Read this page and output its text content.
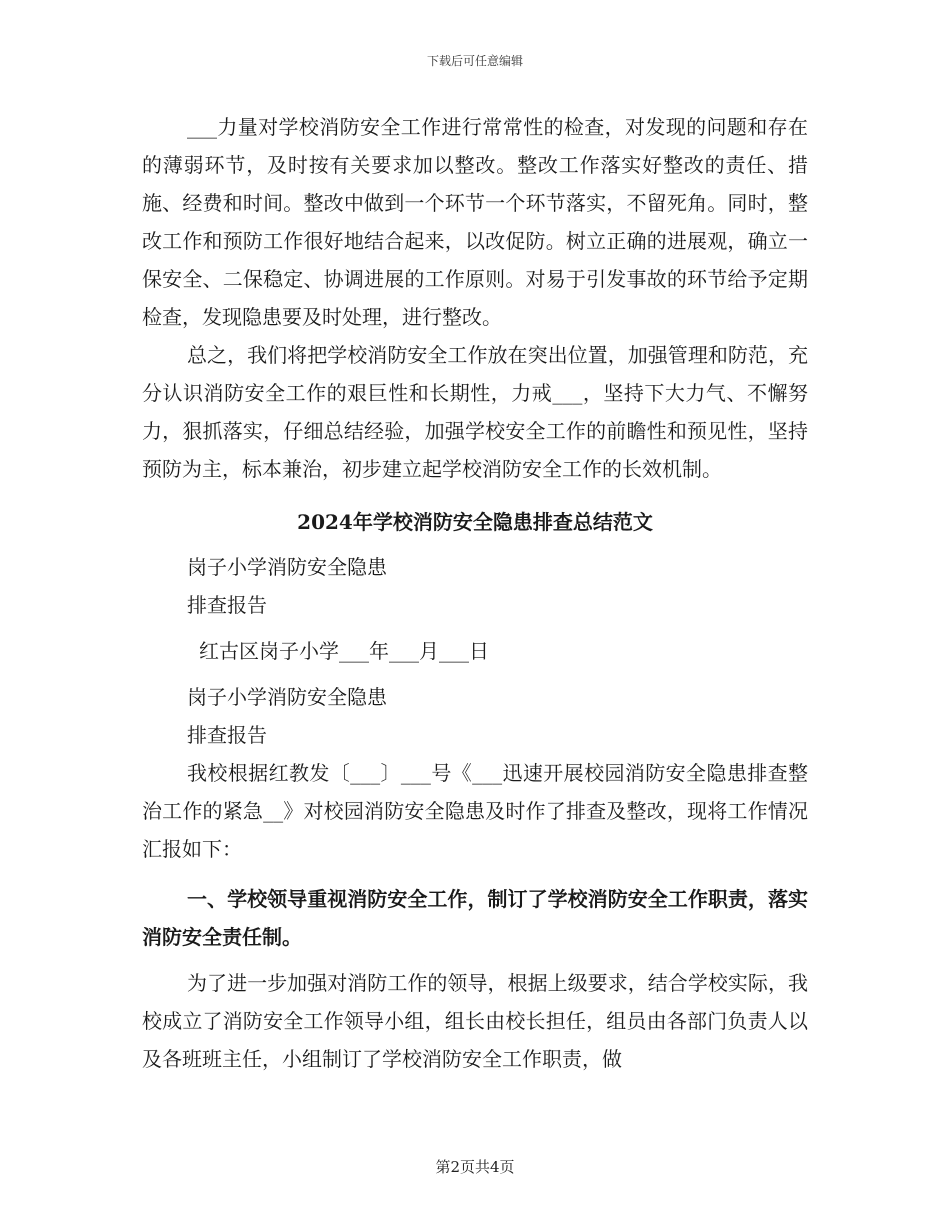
下载后可任意编辑

___力量对学校消防安全工作进行常常性的检查，对发现的问题和存在的薄弱环节，及时按有关要求加以整改。整改工作落实好整改的责任、措施、经费和时间。整改中做到一个环节一个环节落实，不留死角。同时，整改工作和预防工作很好地结合起来，以改促防。树立正确的进展观，确立一保安全、二保稳定、协调进展的工作原则。对易于引发事故的环节给予定期检查，发现隐患要及时处理，进行整改。

总之，我们将把学校消防安全工作放在突出位置，加强管理和防范，充分认识消防安全工作的艰巨性和长期性，力戒___，坚持下大力气、不懈努力，狠抓落实，仔细总结经验，加强学校安全工作的前瞻性和预见性，坚持预防为主，标本兼治，初步建立起学校消防安全工作的长效机制。

2024年学校消防安全隐患排查总结范文

岗子小学消防安全隐患

排查报告

红古区岗子小学___年___月___日

岗子小学消防安全隐患

排查报告

我校根据红教发〔___〕___号《___迅速开展校园消防安全隐患排查整治工作的紧急__》对校园消防安全隐患及时作了排查及整改，现将工作情况汇报如下：

一、学校领导重视消防安全工作，制订了学校消防安全工作职责，落实消防安全责任制。

为了进一步加强对消防工作的领导，根据上级要求，结合学校实际，我校成立了消防安全工作领导小组，组长由校长担任，组员由各部门负责人以及各班班主任，小组制订了学校消防安全工作职责，做

第2页共4页
